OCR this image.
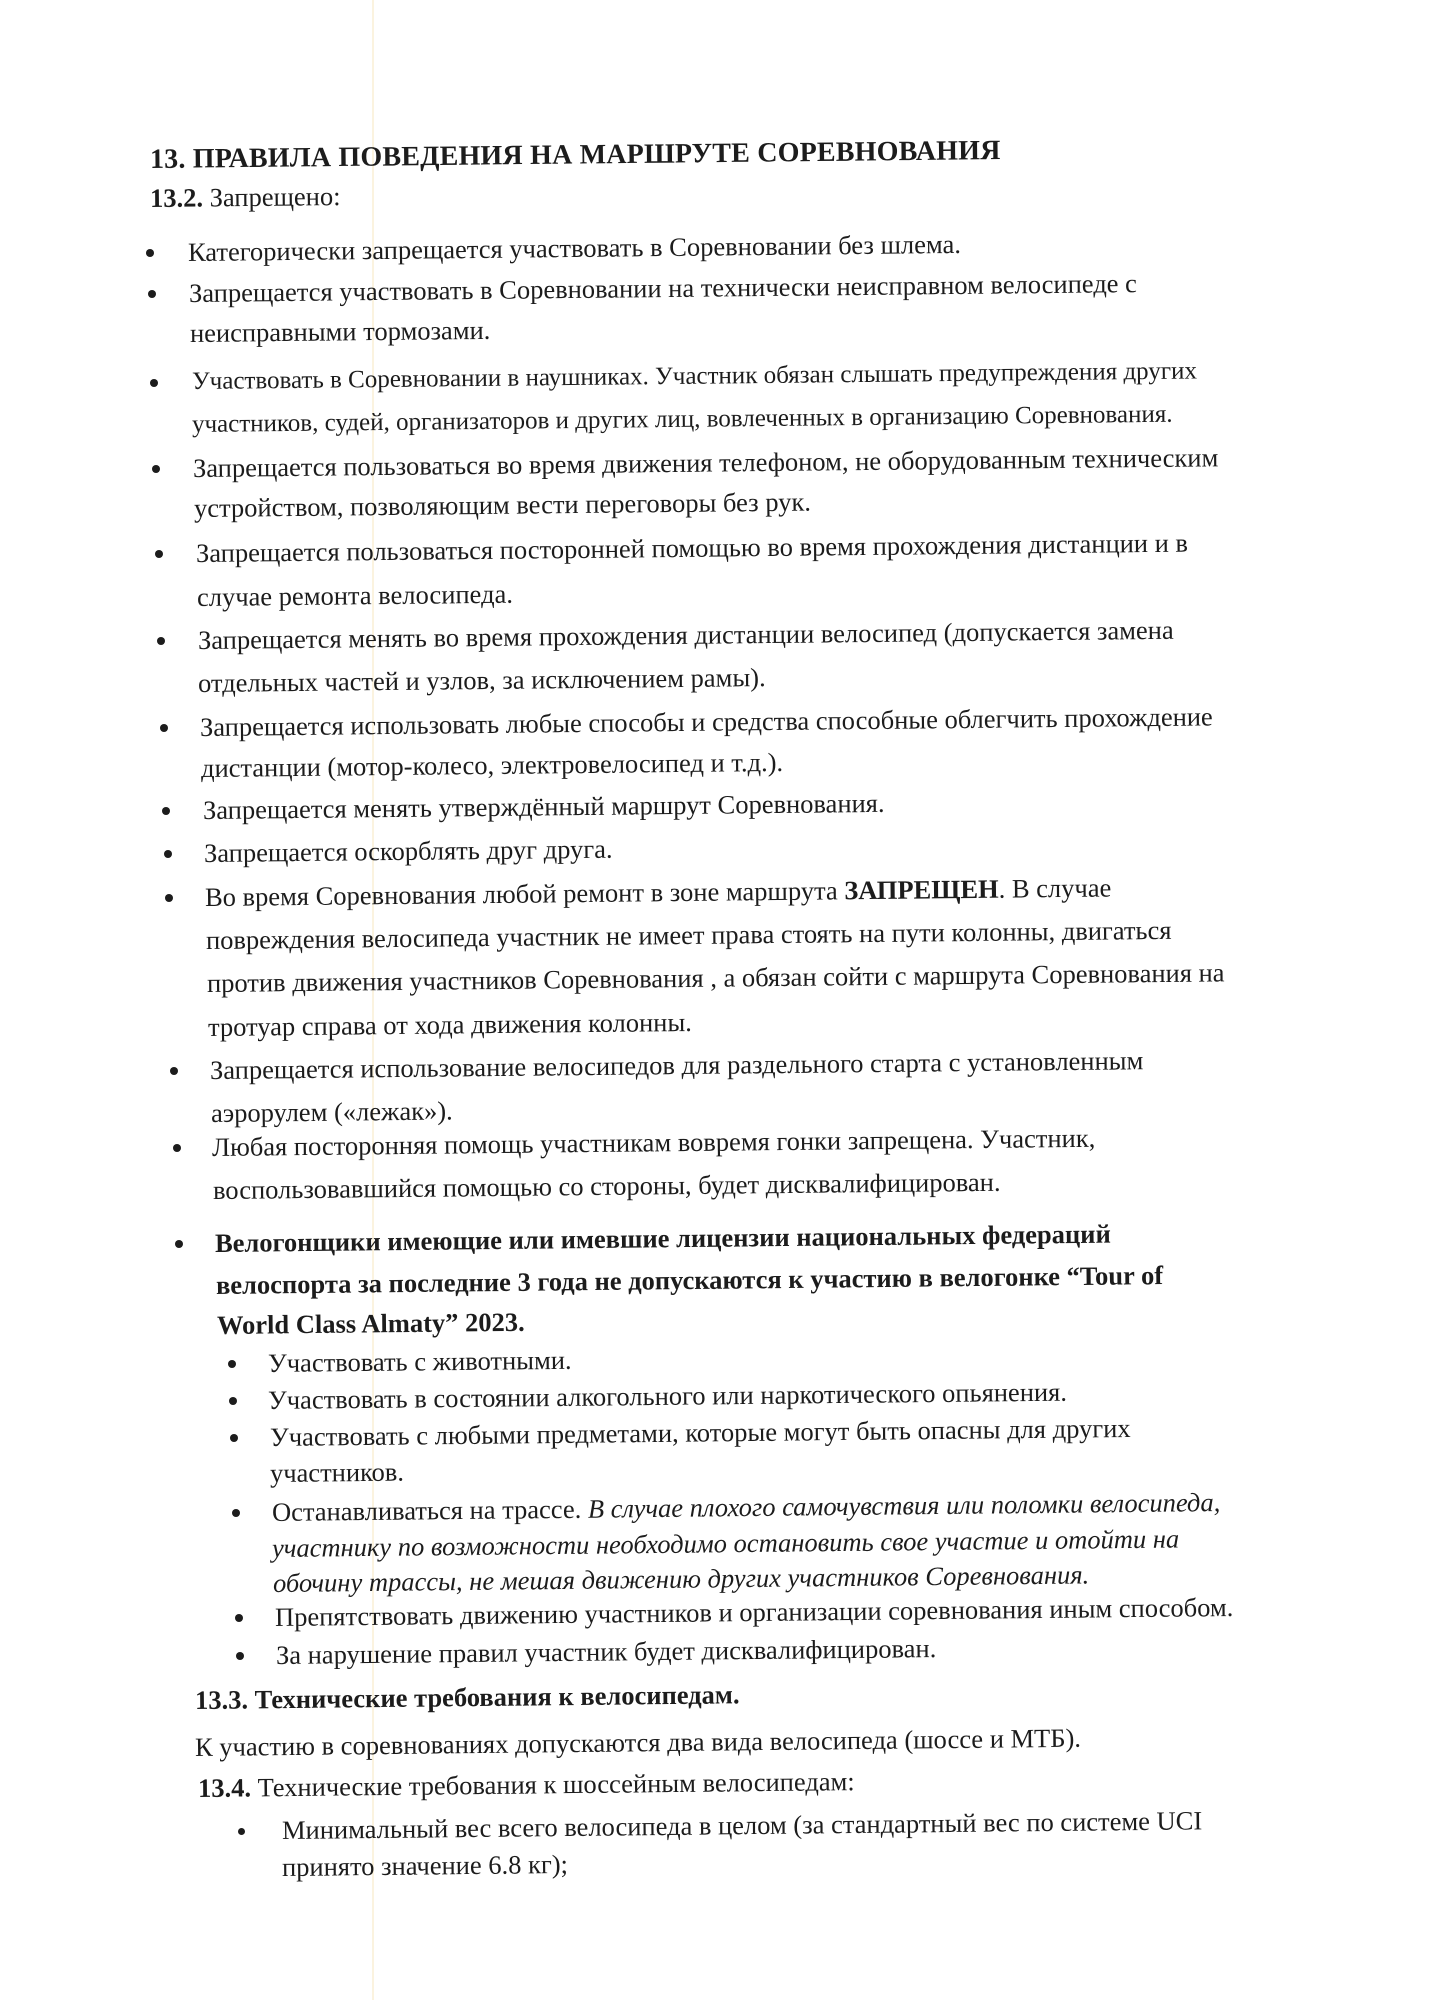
13. ПРАВИЛА ПОВЕДЕНИЯ НА МАРШРУТЕ СОРЕВНОВАНИЯ
13.2. Запрещено:
Категорически запрещается участвовать в Соревновании без шлема.
Запрещается участвовать в Соревновании на технически неисправном велосипеде с
неисправными тормозами.
Участвовать в Соревновании в наушниках. Участник обязан слышать предупреждения других
участников, судей, организаторов и других лиц, вовлеченных в организацию Соревнования.
Запрещается пользоваться во время движения телефоном, не оборудованным техническим
устройством, позволяющим вести переговоры без рук.
Запрещается пользоваться посторонней помощью во время прохождения дистанции и в
случае ремонта велосипеда.
Запрещается менять во время прохождения дистанции велосипед (допускается замена
отдельных частей и узлов, за исключением рамы).
Запрещается использовать любые способы и средства способные облегчить прохождение
дистанции (мотор-колесо, электровелосипед и т.д.).
Запрещается менять утверждённый маршрут Соревнования.
Запрещается оскорблять друг друга.
Во время Соревнования любой ремонт в зоне маршрута ЗАПРЕЩЕН. В случае
повреждения велосипеда участник не имеет права стоять на пути колонны, двигаться
против движения участников Соревнования , а обязан сойти с маршрута Соревнования на
тротуар справа от хода движения колонны.
Запрещается использование велосипедов для раздельного старта с установленным
аэрорулем («лежак»).
Любая посторонняя помощь участникам вовремя гонки запрещена. Участник,
воспользовавшийся помощью со стороны, будет дисквалифицирован.
Велогонщики имеющие или имевшие лицензии национальных федераций
велоспорта за последние 3 года не допускаются к участию в велогонке “Tour of
World Class Almaty” 2023.
Участвовать с животными.
Участвовать в состоянии алкогольного или наркотического опьянения.
Участвовать с любыми предметами, которые могут быть опасны для других
участников.
Останавливаться на трассе. В случае плохого самочувствия или поломки велосипеда,
участнику по возможности необходимо остановить свое участие и отойти на
обочину трассы, не мешая движению других участников Соревнования.
Препятствовать движению участников и организации соревнования иным способом.
За нарушение правил участник будет дисквалифицирован.
13.3. Технические требования к велосипедам.
К участию в соревнованиях допускаются два вида велосипеда (шоссе и МТБ).
13.4. Технические требования к шоссейным велосипедам:
Минимальный вес всего велосипеда в целом (за стандартный вес по системе UCI
принято значение 6.8 кг);
